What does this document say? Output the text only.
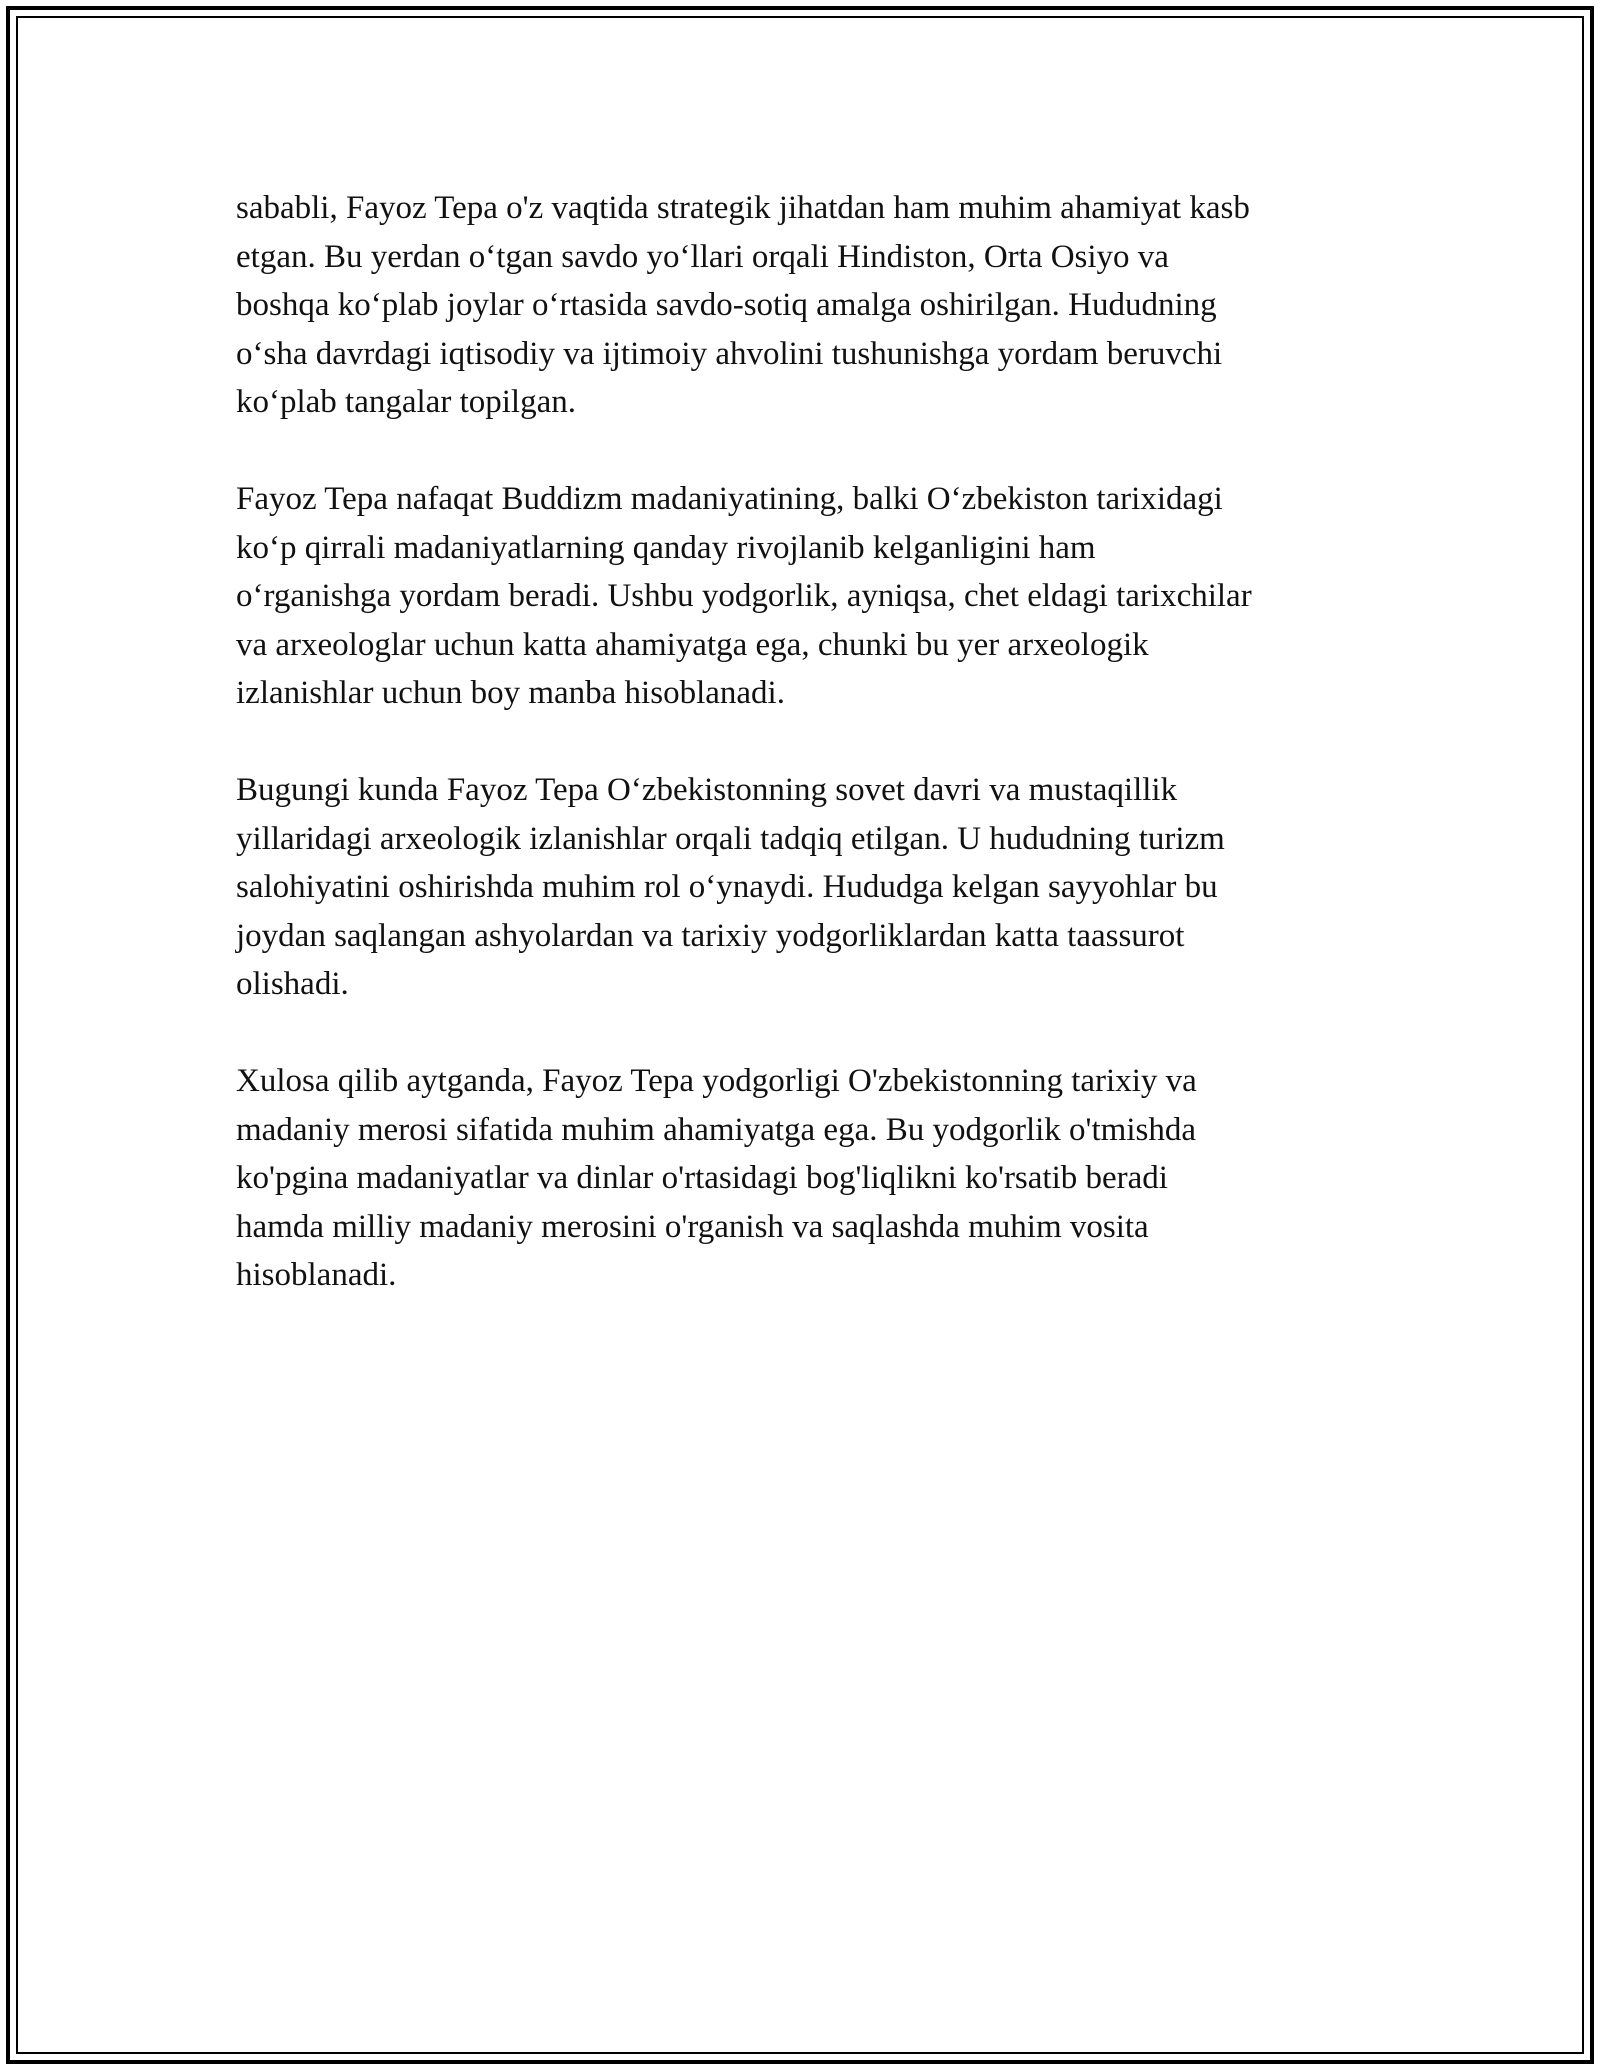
sababli, Fayoz Tepa o'z vaqtida strategik jihatdan ham muhim ahamiyat kasb
etgan. Bu yerdan o‘tgan savdo yo‘llari orqali Hindiston, Orta Osiyo va
boshqa ko‘plab joylar o‘rtasida savdo-sotiq amalga oshirilgan. Hududning
o‘sha davrdagi iqtisodiy va ijtimoiy ahvolini tushunishga yordam beruvchi
ko‘plab tangalar topilgan.

Fayoz Tepa nafaqat Buddizm madaniyatining, balki O‘zbekiston tarixidagi
ko‘p qirrali madaniyatlarning qanday rivojlanib kelganligini ham
o‘rganishga yordam beradi. Ushbu yodgorlik, ayniqsa, chet eldagi tarixchilar
va arxeologlar uchun katta ahamiyatga ega, chunki bu yer arxeologik
izlanishlar uchun boy manba hisoblanadi.

Bugungi kunda Fayoz Tepa O‘zbekistonning sovet davri va mustaqillik
yillaridagi arxeologik izlanishlar orqali tadqiq etilgan. U hududning turizm
salohiyatini oshirishda muhim rol o‘ynaydi. Hududga kelgan sayyohlar bu
joydan saqlangan ashyolardan va tarixiy yodgorliklardan katta taassurot
olishadi.

Xulosa qilib aytganda, Fayoz Tepa yodgorligi O'zbekistonning tarixiy va
madaniy merosi sifatida muhim ahamiyatga ega. Bu yodgorlik o'tmishda
ko'pgina madaniyatlar va dinlar o'rtasidagi bog'liqlikni ko'rsatib beradi
hamda milliy madaniy merosini o'rganish va saqlashda muhim vosita
hisoblanadi.
